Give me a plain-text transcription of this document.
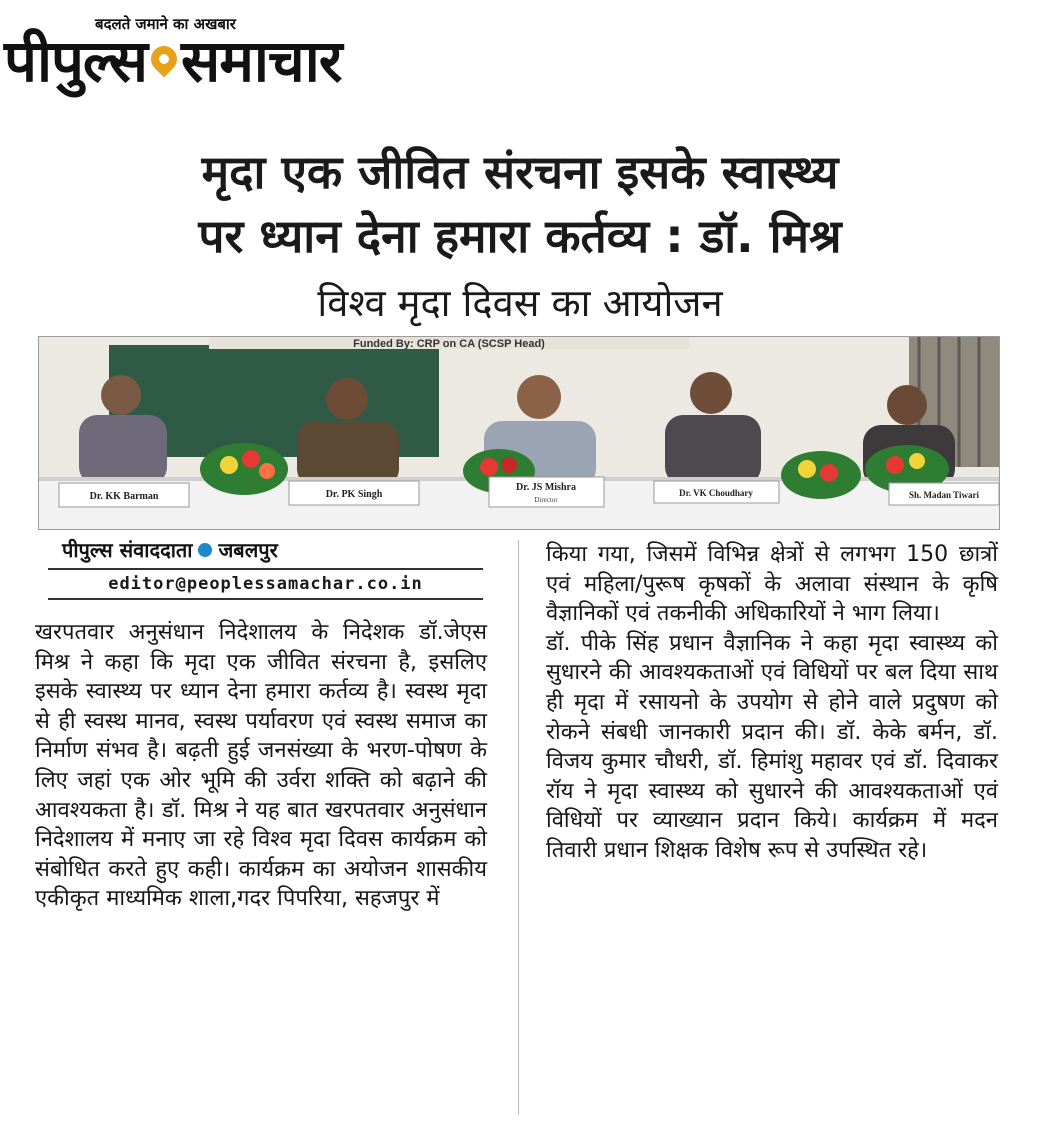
बदलते जमाने का अखबार
पीपुल्स समाचार
मृदा एक जीवित संरचना इसके स्वास्थ्य
पर ध्यान देना हमारा कर्तव्य : डॉ. मिश्र
विश्व मृदा दिवस का आयोजन
Funded By: CRP on CA (SCSP Head)
Dr. KK Barman	Dr. PK Singh
Dr. JS Mishra
Director
Dr. VK Choudhary	Sh. Madan Tiwari
पीपुल्स संवाददाता जबलपुर
editor@peoplessamachar.co.in

खरपतवार अनुसंधान निदेशालय के निदेशक डॉ.जेएस मिश्र ने कहा कि मृदा एक जीवित संरचना है, इसलिए इसके स्वास्थ्य पर ध्यान देना हमारा कर्तव्य है। स्वस्थ मृदा से ही स्वस्थ मानव, स्वस्थ पर्यावरण एवं स्वस्थ समाज का निर्माण संभव है। बढ़ती हुई जनसंख्या के भरण-पोषण के लिए जहां एक ओर भूमि की उर्वरा शक्ति को बढ़ाने की आवश्यकता है। डॉ. मिश्र ने यह बात खरपतवार अनुसंधान निदेशालय में मनाए जा रहे विश्व मृदा दिवस कार्यक्रम को संबोधित करते हुए कही। कार्यक्रम का अयोजन शासकीय एकीकृत माध्यमिक शाला,गदर पिपरिया, सहजपुर में

किया गया, जिसमें विभिन्न क्षेत्रों से लगभग 150 छात्रों एवं महिला/पुरूष कृषकों के अलावा संस्थान के कृषि वैज्ञानिकों एवं तकनीकी अधिकारियों ने भाग लिया।

डॉ. पीके सिंह प्रधान वैज्ञानिक ने कहा मृदा स्वास्थ्य को सुधारने की आवश्यकताओं एवं विधियों पर बल दिया साथ ही मृदा में रसायनो के उपयोग से होने वाले प्रदुषण को रोकने संबधी जानकारी प्रदान की। डॉ. केके बर्मन, डॉ. विजय कुमार चौधरी, डॉ. हिमांशु महावर एवं डॉ. दिवाकर रॉय ने मृदा स्वास्थ्य को सुधारने की आवश्यकताओं एवं विधियों पर व्याख्यान प्रदान किये। कार्यक्रम में मदन तिवारी प्रधान शिक्षक विशेष रूप से उपस्थित रहे।
